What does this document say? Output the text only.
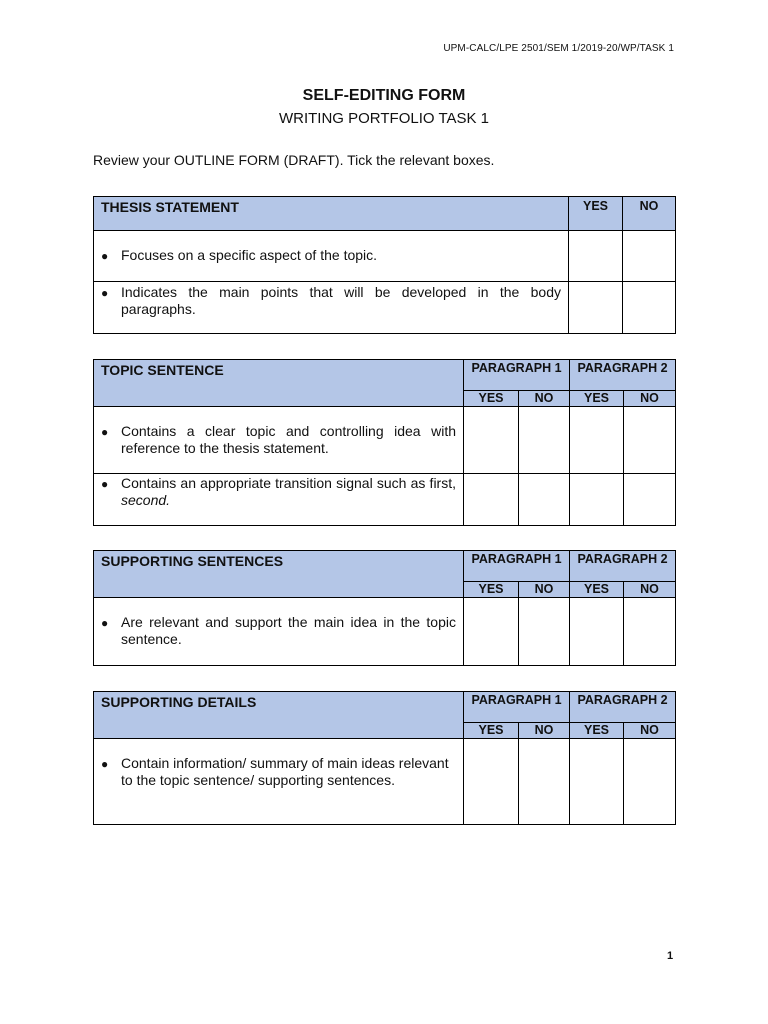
UPM-CALC/LPE 2501/SEM 1/2019-20/WP/TASK 1
SELF-EDITING FORM
WRITING PORTFOLIO TASK 1
Review your OUTLINE FORM (DRAFT). Tick the relevant boxes.
THESIS STATEMENT	YES	NO

● Focuses on a specific aspect of the topic.		

● Indicates the main points that will be developed in the body paragraphs.		

TOPIC SENTENCE	PARAGRAPH 1		PARAGRAPH 2	
	YES	NO	YES	NO

● Contains a clear topic and controlling idea with reference to the thesis statement.				

● Contains an appropriate transition signal such as first, second.				

SUPPORTING SENTENCES	PARAGRAPH 1		PARAGRAPH 2	
	YES	NO	YES	NO

● Are relevant and support the main idea in the topic sentence.				

SUPPORTING DETAILS	PARAGRAPH 1		PARAGRAPH 2	
	YES	NO	YES	NO

● Contain information/ summary of main ideas relevant to the topic sentence/ supporting sentences.				

1
